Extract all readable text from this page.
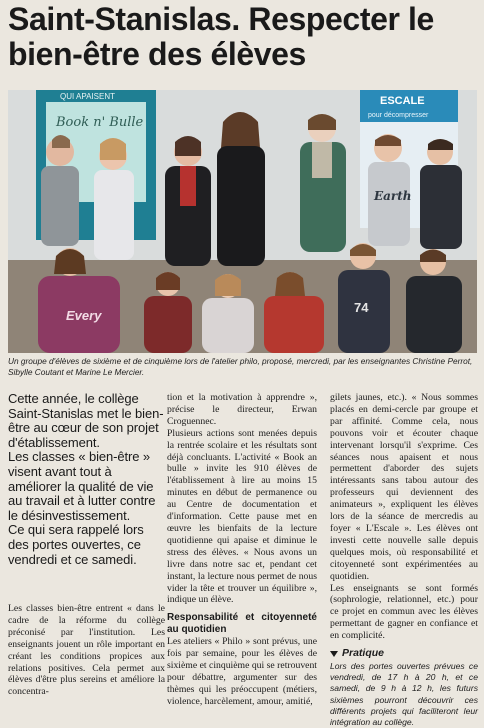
Saint-Stanislas. Respecter le bien-être des élèves
QUI APAISENT
Book n' Bulle
ESCALE
pour décompresser
Earth
Every
74
Un groupe d'élèves de sixième et de cinquième lors de l'atelier philo, proposé, mercredi, par les enseignantes Christine Perrot, Sibylle Coutant et Marine Le Mercier.

Cette année, le collège Saint-Stanislas met le bien-être au cœur de son projet d'établissement.

Les classes « bien-être » visent avant tout à améliorer la qualité de vie au travail et à lutter contre le désinvestissement.

Ce qui sera rappelé lors des portes ouvertes, ce vendredi et ce samedi.

Les classes bien-être entrent « dans le cadre de la réforme du collège préconisé par l'institution. Les enseignants jouent un rôle important en créant les conditions propices aux relations positives. Cela permet aux élèves d'être plus sereins et améliore la concentra-

tion et la motivation à apprendre », précise le directeur, Erwan Croguennec.

Plusieurs actions sont menées depuis la rentrée scolaire et les résultats sont déjà concluants. L'activité « Book an bulle » invite les 910 élèves de l'établissement à lire au moins 15 minutes en début de permanence ou au Centre de documentation et d'information. Cette pause met en œuvre les bienfaits de la lecture quotidienne qui apaise et diminue le stress des élèves. « Nous avons un livre dans notre sac et, pendant cet instant, la lecture nous permet de nous vider la tête et trouver un équilibre », indique un élève.

Responsabilité et citoyenneté au quotidien

Les ateliers « Philo » sont prévus, une fois par semaine, pour les élèves de sixième et cinquième qui se retrouvent pour débattre, argumenter sur des thèmes qui les préoccupent (métiers, violence, harcèlement, amour, amitié,

gilets jaunes, etc.). « Nous sommes placés en demi-cercle par groupe et par affinité. Comme cela, nous pouvons voir et écouter chaque intervenant lorsqu'il s'exprime. Ces séances nous apaisent et nous permettent d'aborder des sujets intéressants sans tabou autour des professeurs qui deviennent des animateurs », expliquent les élèves lors de la séance de mercredis au foyer « L'Escale ». Les élèves ont investi cette nouvelle salle depuis quelques mois, où responsabilité et citoyenneté sont expérimentées au quotidien.

Les enseignants se sont formés (sophrologie, relationnel, etc.) pour ce projet en commun avec les élèves permettant de gagner en confiance et en complicité.

Pratique
Lors des portes ouvertes prévues ce vendredi, de 17 h à 20 h, et ce samedi, de 9 h à 12 h, les futurs sixièmes pourront découvrir ces différents projets qui faciliteront leur intégration au collège.
